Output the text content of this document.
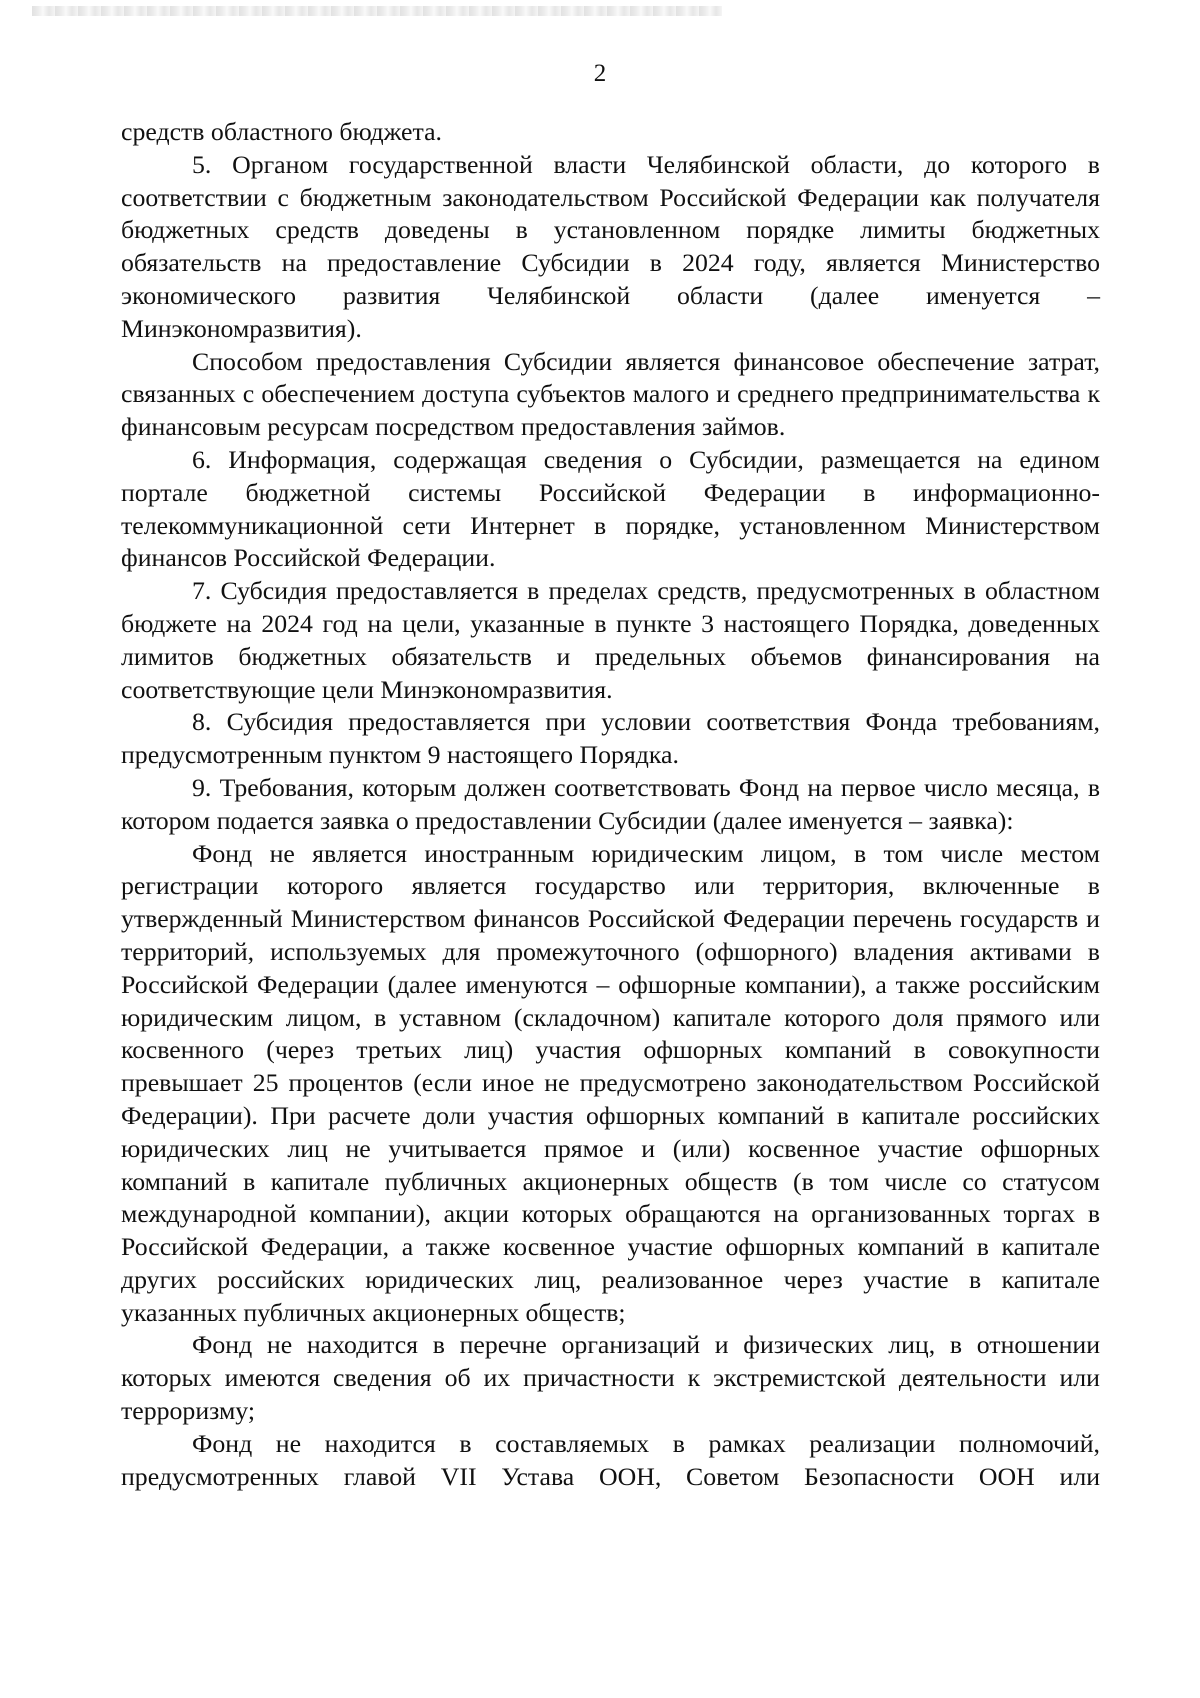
2

средств областного бюджета.

5. Органом государственной власти Челябинской области, до которого в соответствии с бюджетным законодательством Российской Федерации как получателя бюджетных средств доведены в установленном порядке лимиты бюджетных обязательств на предоставление Субсидии в 2024 году, является Министерство экономического развития Челябинской области (далее именуется – Минэкономразвития).

Способом предоставления Субсидии является финансовое обеспечение затрат, связанных с обеспечением доступа субъектов малого и среднего предпринимательства к финансовым ресурсам посредством предоставления займов.

6. Информация, содержащая сведения о Субсидии, размещается на едином портале бюджетной системы Российской Федерации в информационно-телекоммуникационной сети Интернет в порядке, установленном Министерством финансов Российской Федерации.

7. Субсидия предоставляется в пределах средств, предусмотренных в областном бюджете на 2024 год на цели, указанные в пункте 3 настоящего Порядка, доведенных лимитов бюджетных обязательств и предельных объемов финансирования на соответствующие цели Минэкономразвития.

8. Субсидия предоставляется при условии соответствия Фонда требованиям, предусмотренным пунктом 9 настоящего Порядка.

9. Требования, которым должен соответствовать Фонд на первое число месяца, в котором подается заявка о предоставлении Субсидии (далее именуется – заявка):

Фонд не является иностранным юридическим лицом, в том числе местом регистрации которого является государство или территория, включенные в утвержденный Министерством финансов Российской Федерации перечень государств и территорий, используемых для промежуточного (офшорного) владения активами в Российской Федерации (далее именуются – офшорные компании), а также российским юридическим лицом, в уставном (складочном) капитале которого доля прямого или косвенного (через третьих лиц) участия офшорных компаний в совокупности превышает 25 процентов (если иное не предусмотрено законодательством Российской Федерации). При расчете доли участия офшорных компаний в капитале российских юридических лиц не учитывается прямое и (или) косвенное участие офшорных компаний в капитале публичных акционерных обществ (в том числе со статусом международной компании), акции которых обращаются на организованных торгах в Российской Федерации, а также косвенное участие офшорных компаний в капитале других российских юридических лиц, реализованное через участие в капитале указанных публичных акционерных обществ;

Фонд не находится в перечне организаций и физических лиц, в отношении которых имеются сведения об их причастности к экстремистской деятельности или терроризму;

Фонд не находится в составляемых в рамках реализации полномочий, предусмотренных главой VII Устава ООН, Советом Безопасности ООН или
